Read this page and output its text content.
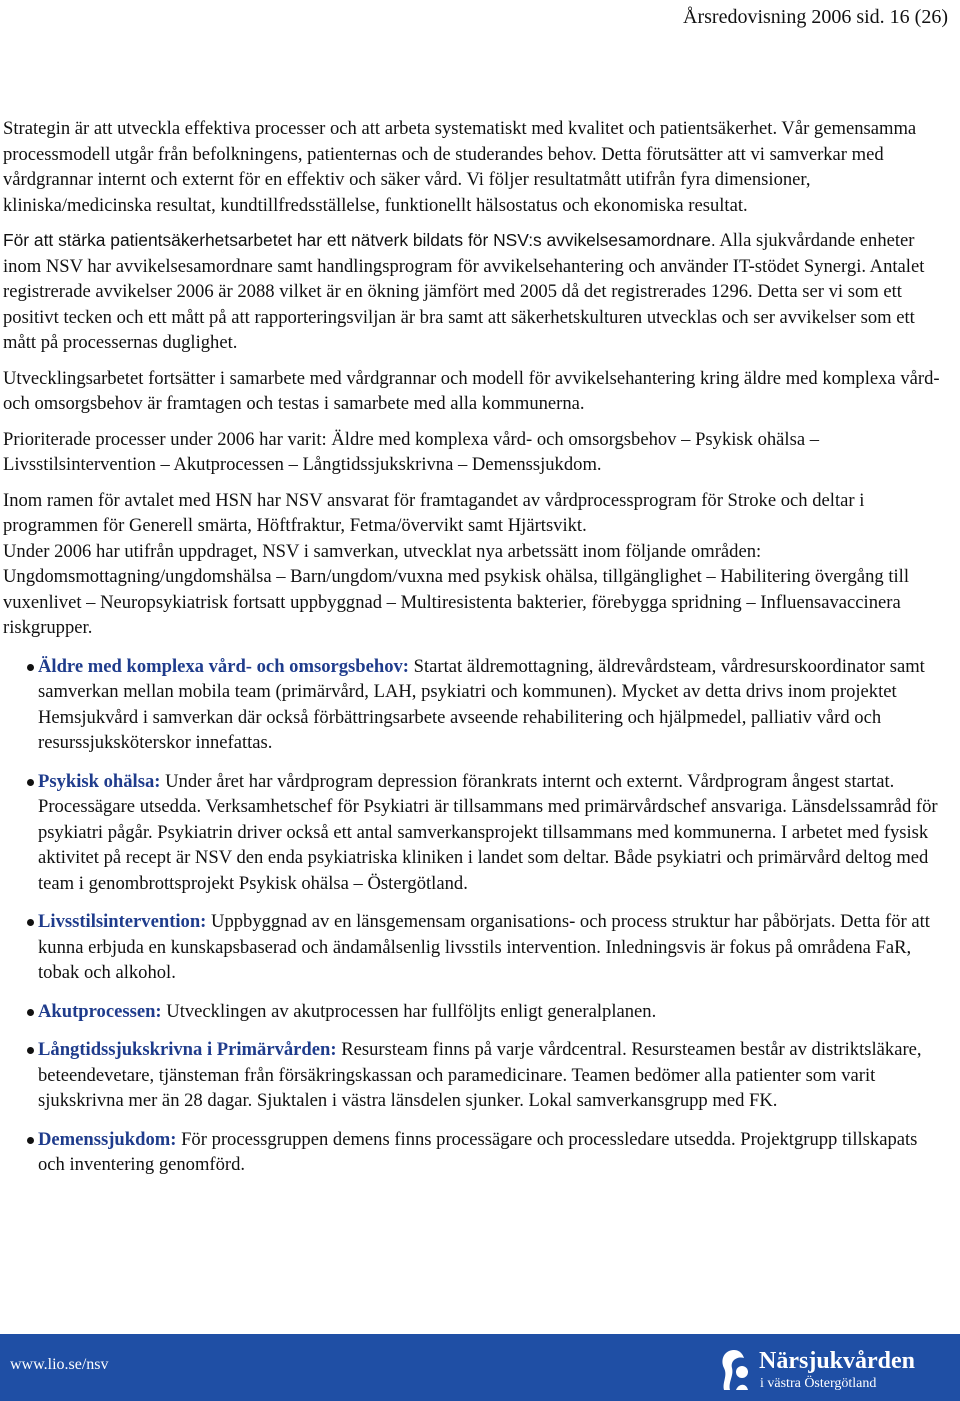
Årsredovisning 2006 sid. 16 (26)

Strategin är att utveckla effektiva processer och att arbeta systematiskt med kvalitet och patientsäkerhet. Vår gemensamma processmodell utgår från befolkningens, patienternas och de studerandes behov. Detta förutsätter att vi samverkar med vårdgrannar internt och externt för en effektiv och säker vård. Vi följer resultatmått utifrån fyra dimensioner, kliniska/medicinska resultat, kundtillfredsställelse, funktionellt hälsostatus och ekonomiska resultat.

För att stärka patientsäkerhetsarbetet har ett nätverk bildats för NSV:s avvikelsesamordnare. Alla sjukvårdande enheter inom NSV har avvikelsesamordnare samt handlingsprogram för avvikelsehantering och använder IT-stödet Synergi. Antalet registrerade avvikelser 2006 är 2088 vilket är en ökning jämfört med 2005 då det registrerades 1296. Detta ser vi som ett positivt tecken och ett mått på att rapporteringsviljan är bra samt att säkerhetskulturen utvecklas och ser avvikelser som ett mått på processernas duglighet.

Utvecklingsarbetet fortsätter i samarbete med vårdgrannar och modell för avvikelsehantering kring äldre med komplexa vård- och omsorgsbehov är framtagen och testas i samarbete med alla kommunerna.

Prioriterade processer under 2006 har varit: Äldre med komplexa vård- och omsorgsbehov – Psykisk ohälsa – Livsstilsintervention – Akutprocessen – Långtidssjukskrivna – Demenssjukdom.

Inom ramen för avtalet med HSN har NSV ansvarat för framtagandet av vårdprocessprogram för Stroke och deltar i programmen för Generell smärta, Höftfraktur, Fetma/övervikt samt Hjärtsvikt.

Under 2006 har utifrån uppdraget, NSV i samverkan, utvecklat nya arbetssätt inom följande områden: Ungdomsmottagning/ungdomshälsa – Barn/ungdom/vuxna med psykisk ohälsa, tillgänglighet – Habilitering övergång till vuxenlivet – Neuropsykiatrisk fortsatt uppbyggnad – Multiresistenta bakterier, förebygga spridning – Influensavaccinera riskgrupper.

Äldre med komplexa vård- och omsorgsbehov: Startat äldremottagning, äldrevårdsteam, vårdresurskoordinator samt samverkan mellan mobila team (primärvård, LAH, psykiatri och kommunen). Mycket av detta drivs inom projektet Hemsjukvård i samverkan där också förbättringsarbete avseende rehabilitering och hjälpmedel, palliativ vård och resurssjuksköterskor innefattas.
Psykisk ohälsa: Under året har vårdprogram depression förankrats internt och externt. Vårdprogram ångest startat. Processägare utsedda. Verksamhetschef för Psykiatri är tillsammans med primärvårdschef ansvariga. Länsdelssamråd för psykiatri pågår. Psykiatrin driver också ett antal samverkansprojekt tillsammans med kommunerna. I arbetet med fysisk aktivitet på recept är NSV den enda psykiatriska kliniken i landet som deltar. Både psykiatri och primärvård deltog med team i genombrottsprojekt Psykisk ohälsa – Östergötland.
Livsstilsintervention: Uppbyggnad av en länsgemensam organisations- och process struktur har påbörjats. Detta för att kunna erbjuda en kunskapsbaserad och ändamålsenlig livsstils intervention. Inledningsvis är fokus på områdena FaR, tobak och alkohol.
Akutprocessen: Utvecklingen av akutprocessen har fullföljts enligt generalplanen.
Långtidssjukskrivna i Primärvården: Resursteam finns på varje vårdcentral. Resursteamen består av distriktsläkare, beteendevetare, tjänsteman från försäkringskassan och paramedicinare. Teamen bedömer alla patienter som varit sjukskrivna mer än 28 dagar. Sjuktalen i västra länsdelen sjunker. Lokal samverkansgrupp med FK.
Demenssjukdom: För processgruppen demens finns processägare och processledare utsedda. Projektgrupp tillskapats och inventering genomförd.
www.lio.se/nsv	Närsjukvården
i västra Östergötland
